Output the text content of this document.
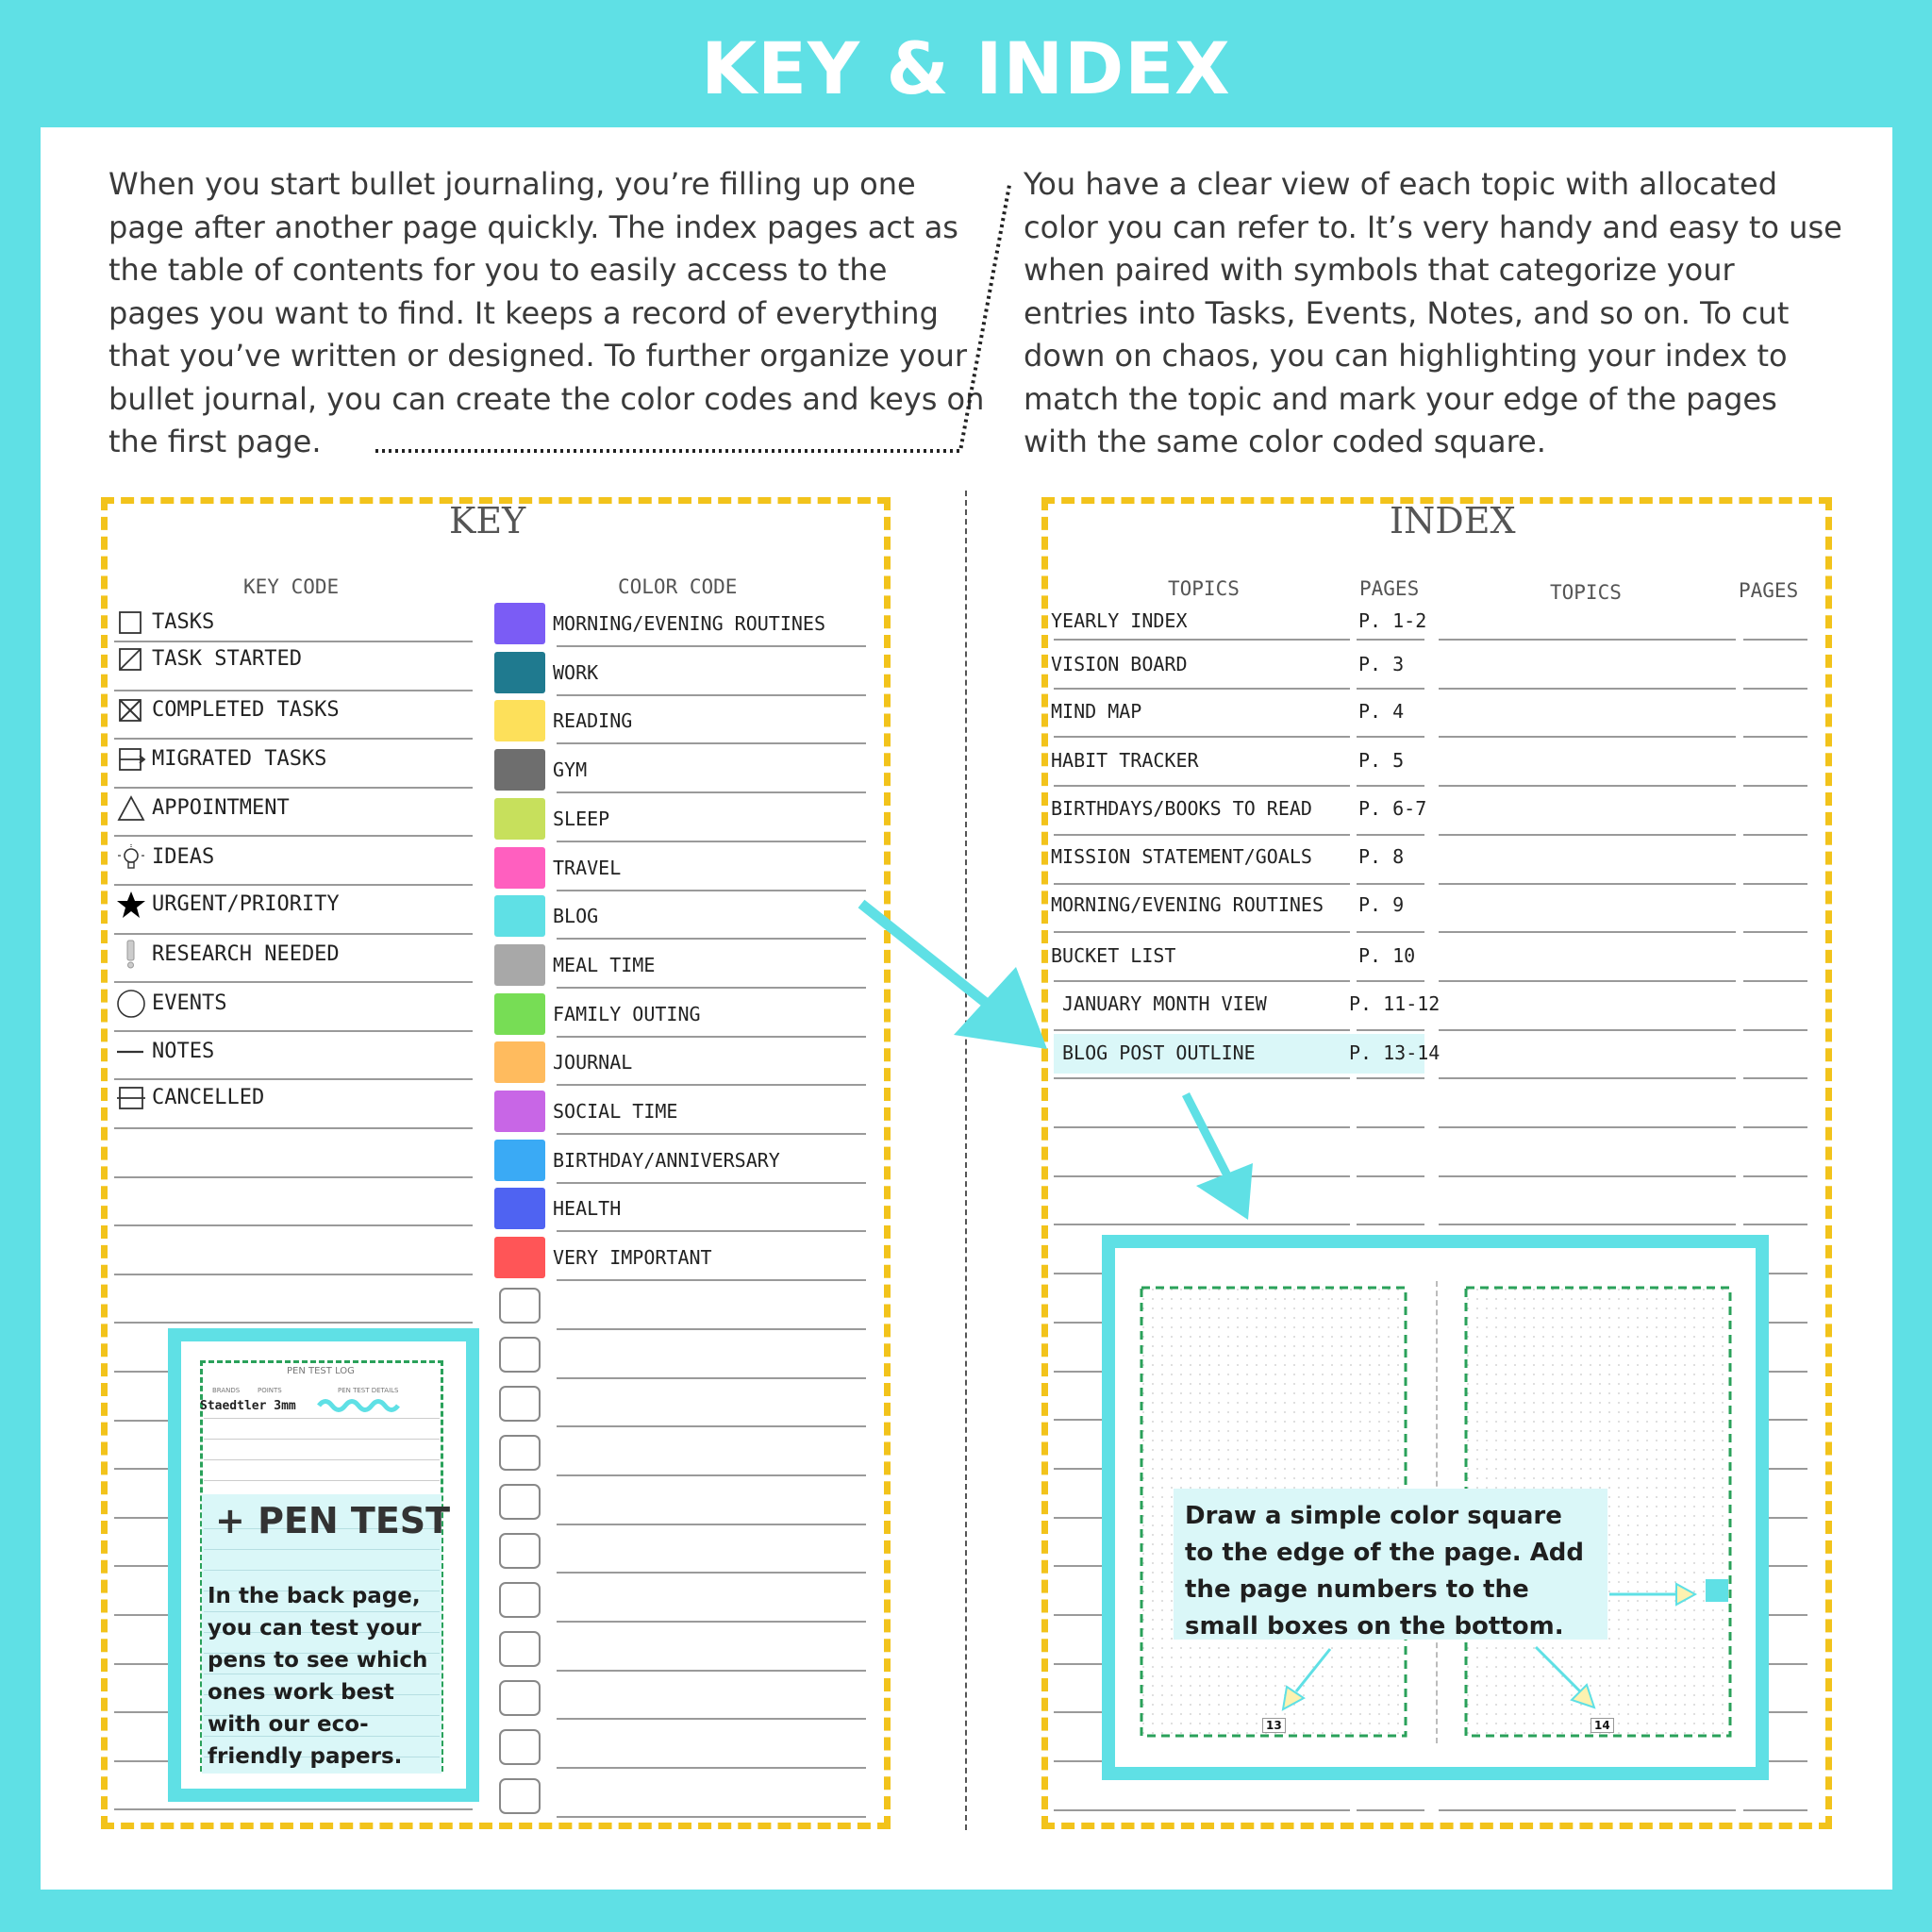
KEY & INDEX

When you start bullet journaling, you’re filling up one page after another page quickly. The index pages act as the table of contents for you to easily access to the pages you want to find. It keeps a record of everything that you’ve written or designed. To further organize your bullet journal, you can create the color codes and keys on the first page.

You have a clear view of each topic with allocated color you can refer to. It’s very handy and easy to use when paired with symbols that categorize your entries into Tasks, Events, Notes, and so on. To cut down on chaos, you can highlighting your index to match the topic and mark your edge of the pages with the same color coded square.

KEY
KEY CODE	COLOR CODE
TASKS
TASK STARTED
COMPLETED TASKS
MIGRATED TASKS
APPOINTMENT
IDEAS
URGENT/PRIORITY
RESEARCH NEEDED
EVENTS
NOTES
CANCELLED
MORNING/EVENING ROUTINES
WORK
READING
GYM
SLEEP
TRAVEL
BLOG
MEAL TIME
FAMILY OUTING
JOURNAL
SOCIAL TIME
BIRTHDAY/ANNIVERSARY
HEALTH
VERY IMPORTANT
PEN TEST LOG
BRANDS	POINTS	PEN TEST DETAILS
Staedtler 3mm
+ PEN TEST
In the back page, you can test your pens to see which ones work best with our eco-friendly papers.
INDEX
TOPICS	PAGES	TOPICS	PAGES
YEARLY INDEX	P. 1-2
VISION BOARD	P. 3
MIND MAP	P. 4
HABIT TRACKER	P. 5
BIRTHDAYS/BOOKS TO READ P. 6-7
MISSION STATEMENT/GOALS P. 8
MORNING/EVENING ROUTINES P. 9
BUCKET LIST	P. 10
JANUARY MONTH VIEW	P. 11-12
BLOG POST OUTLINE	P. 13-14
Draw a simple color square to the edge of the page. Add the page numbers to the small boxes on the bottom.
13	14
